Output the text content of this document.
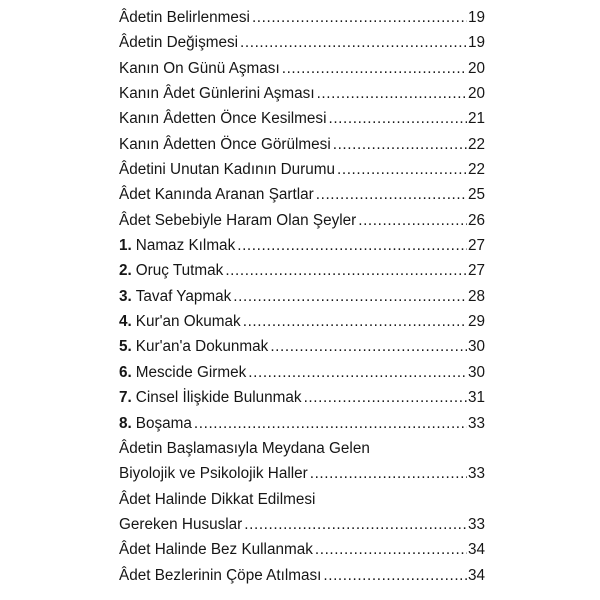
Âdetin Belirlenmesi .....	19
Âdetin Değişmesi .....	19
Kanın On Günü Aşması .....	20
Kanın Âdet Günlerini Aşması .....	20
Kanın Âdetten Önce Kesilmesi .....	21
Kanın Âdetten Önce Görülmesi .....	22
Âdetini Unutan Kadının Durumu .....	22
Âdet Kanında Aranan Şartlar .....	25
Âdet Sebebiyle Haram Olan Şeyler .....	26
1. Namaz Kılmak .....	27
2. Oruç Tutmak .....	27
3. Tavaf Yapmak .....	28
4. Kur'an Okumak .....	29
5. Kur'an'a Dokunmak .....	30
6. Mescide Girmek .....	30
7. Cinsel İlişkide Bulunmak .....	31
8. Boşama .....	33
Âdetin Başlamasıyla Meydana Gelen
Biyolojik ve Psikolojik Haller .....	33
Âdet Halinde Dikkat Edilmesi
Gereken Hususlar .....	33
Âdet Halinde Bez Kullanmak .....	34
Âdet Bezlerinin Çöpe Atılması .....	34
